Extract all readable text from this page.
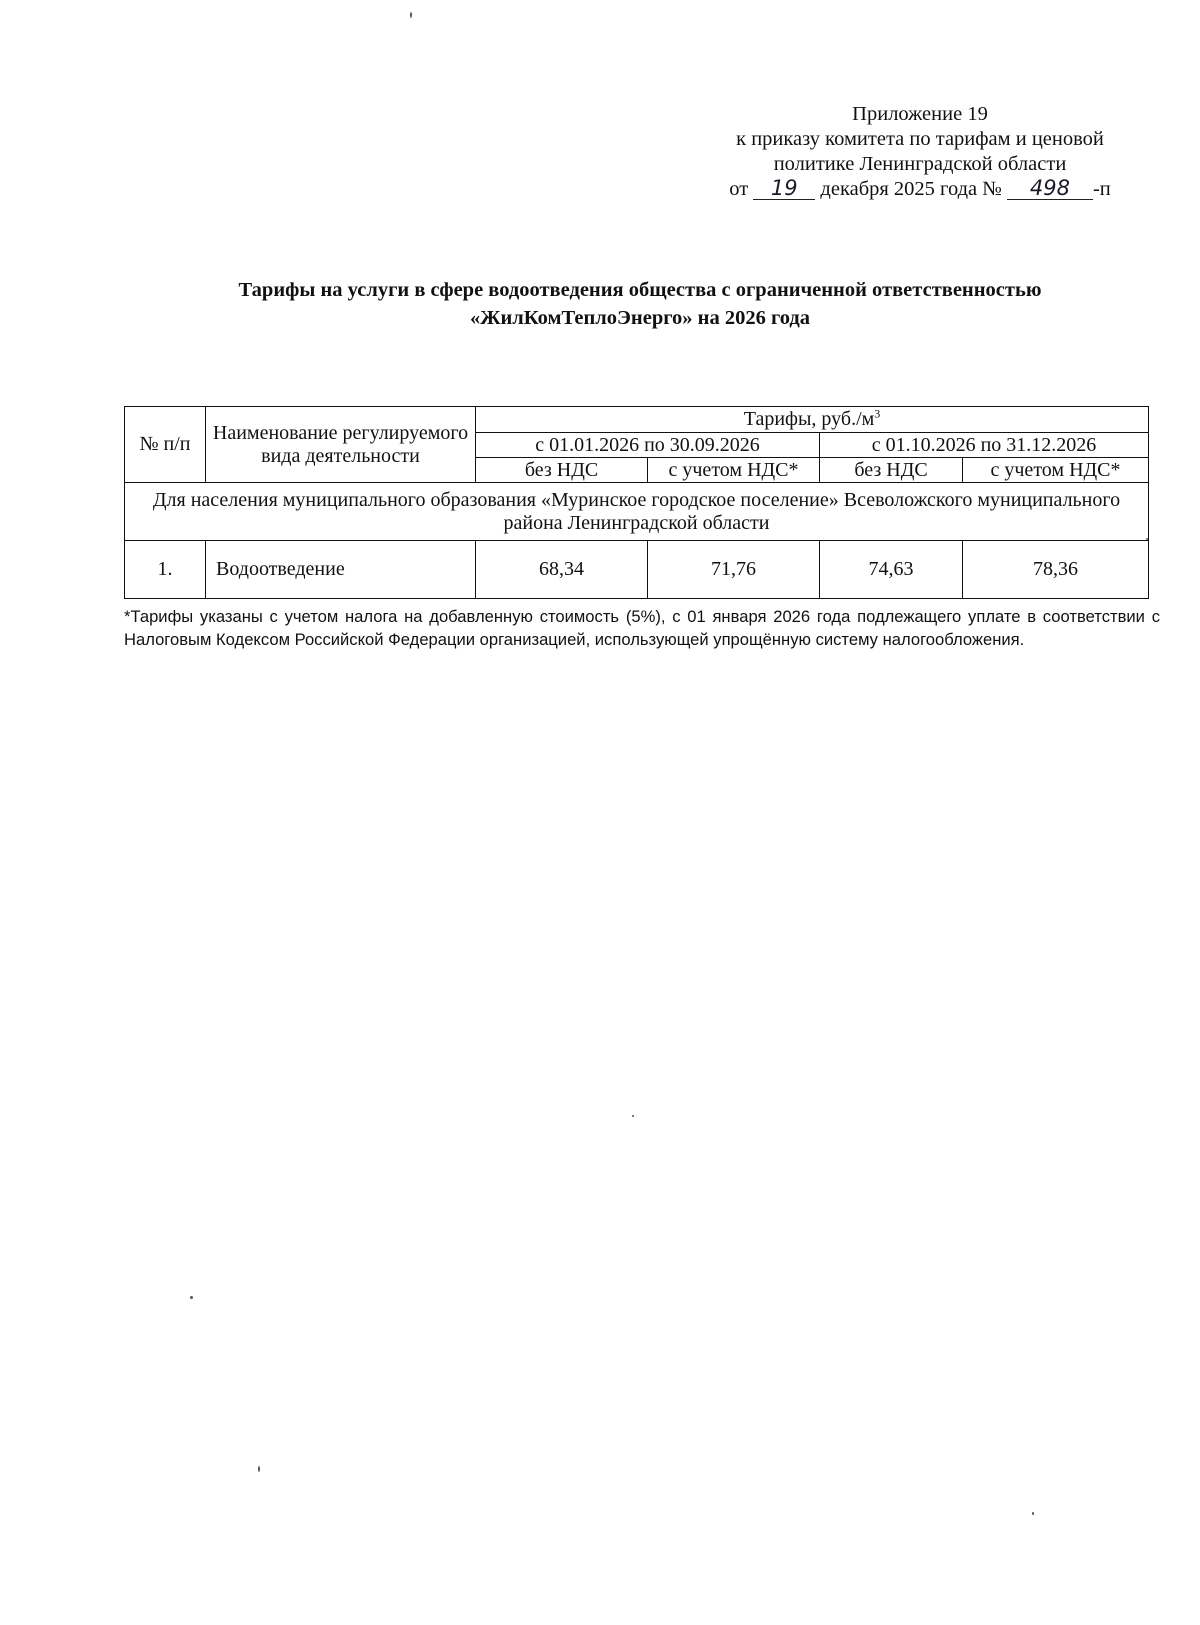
Приложение 19
к приказу комитета по тарифам и ценовой
политике Ленинградской области
от 19 декабря 2025 года № 498 -п
Тарифы на услуги в сфере водоотведения общества с ограниченной ответственностью
«ЖилКомТеплоЭнерго» на 2026 года
№ п/п	Наименование регулируемого вида деятельности	Тарифы, $руб./м^3$
		с 01.01.2026 по 30.09.2026		с 01.10.2026 по 31.12.2026	
		без НДС	с учетом НДС*	без НДС	с учетом НДС*
Для населения муниципального образования «Муринское городское поселение» Всеволожского муниципального района Ленинградской области					
1.	Водоотведение	68,34	71,76	74,63	78,36
*Тарифы указаны с учетом налога на добавленную стоимость (5%), с 01 января 2026 года подлежащего уплате в соответствии с Налоговым Кодексом Российской Федерации организацией, использующей упрощённую систему налогообложения.
